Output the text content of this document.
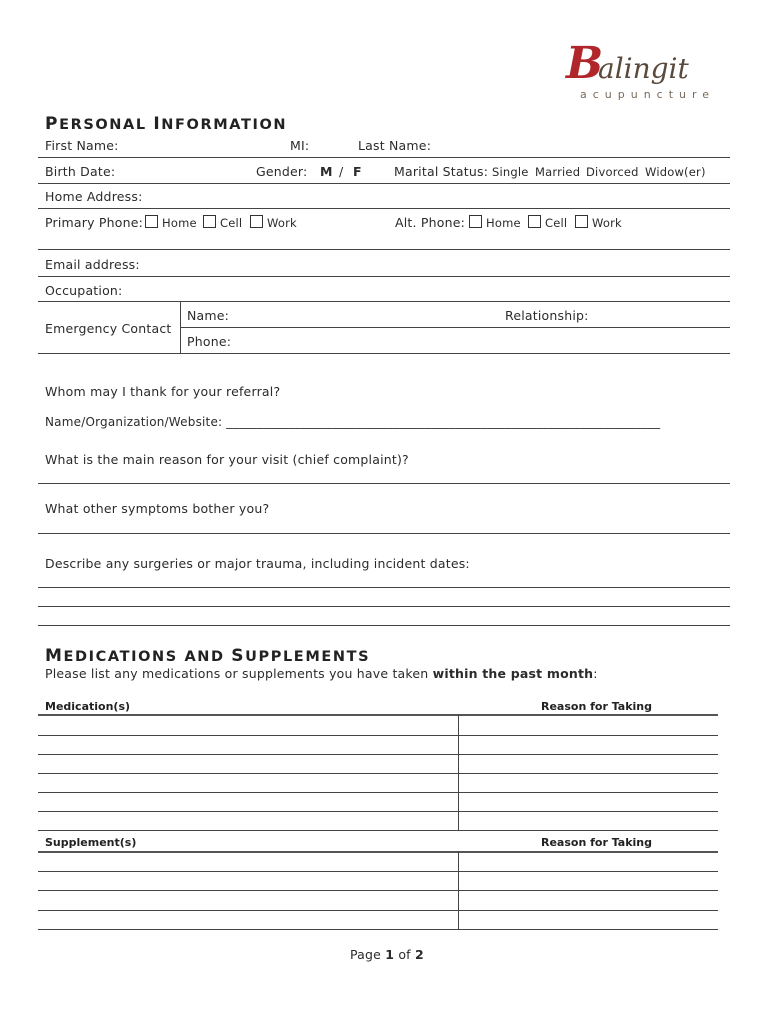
B
alingit
acupuncture
PERSONAL INFORMATION
First Name:	MI:	Last Name:
Birth Date:	Gender: M / F	Marital Status: Single Married Divorced Widow(er)
Home Address:
Primary Phone: Home Cell Work	Alt. Phone: Home Cell Work
Email address:
Occupation:
Emergency Contact
Name:	Relationship:
Phone:
Whom may I thank for your referral?
Name/Organization/Website: ______________________________________________________________________
What is the main reason for your visit (chief complaint)?
What other symptoms bother you?
Describe any surgeries or major trauma, including incident dates:
MEDICATIONS AND SUPPLEMENTS
Please list any medications or supplements you have taken within the past month:
Medication(s)	Reason for Taking
Supplement(s)	Reason for Taking
Page 1 of 2
